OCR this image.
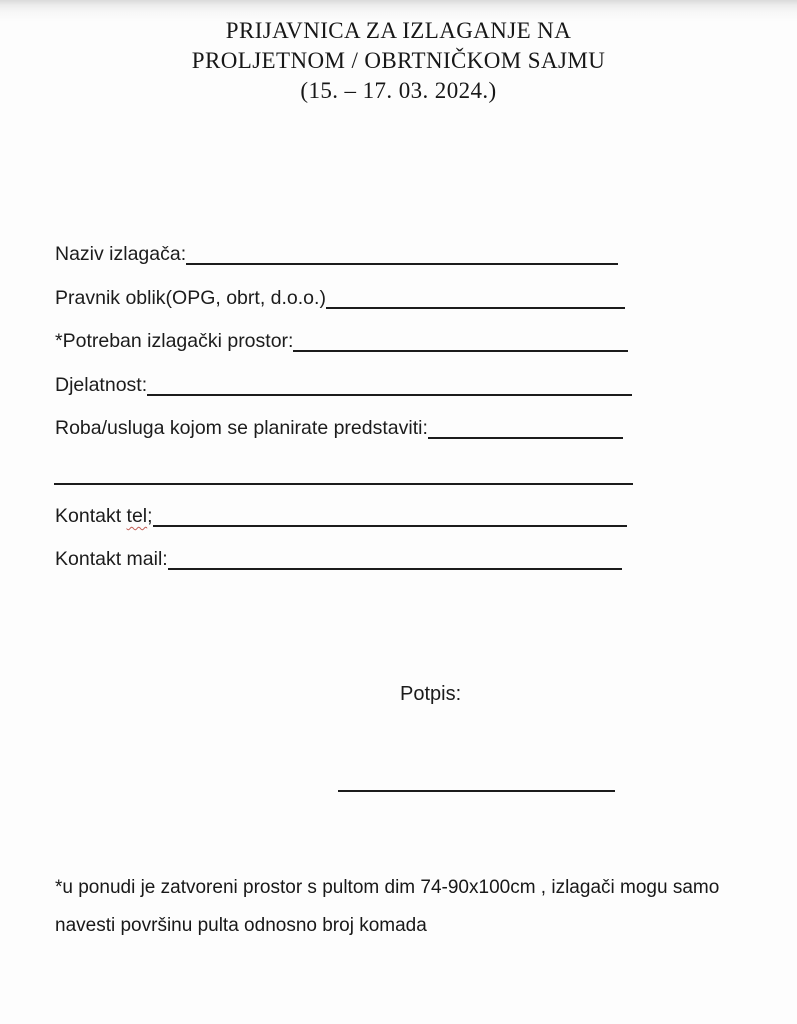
PRIJAVNICA ZA IZLAGANJE NA
PROLJETNOM / OBRTNIČKOM SAJMU
(15. – 17. 03. 2024.)
Naziv izlagača:
Pravnik oblik(OPG, obrt, d.o.o.)
*Potreban izlagački prostor:
Djelatnost:
Roba/usluga kojom se planirate predstaviti:
Kontakt tel ;
Kontakt mail:
Potpis:
*u ponudi je zatvoreni prostor s pultom dim 74-90x100cm , izlagači mogu samo
navesti površinu pulta odnosno broj komada
